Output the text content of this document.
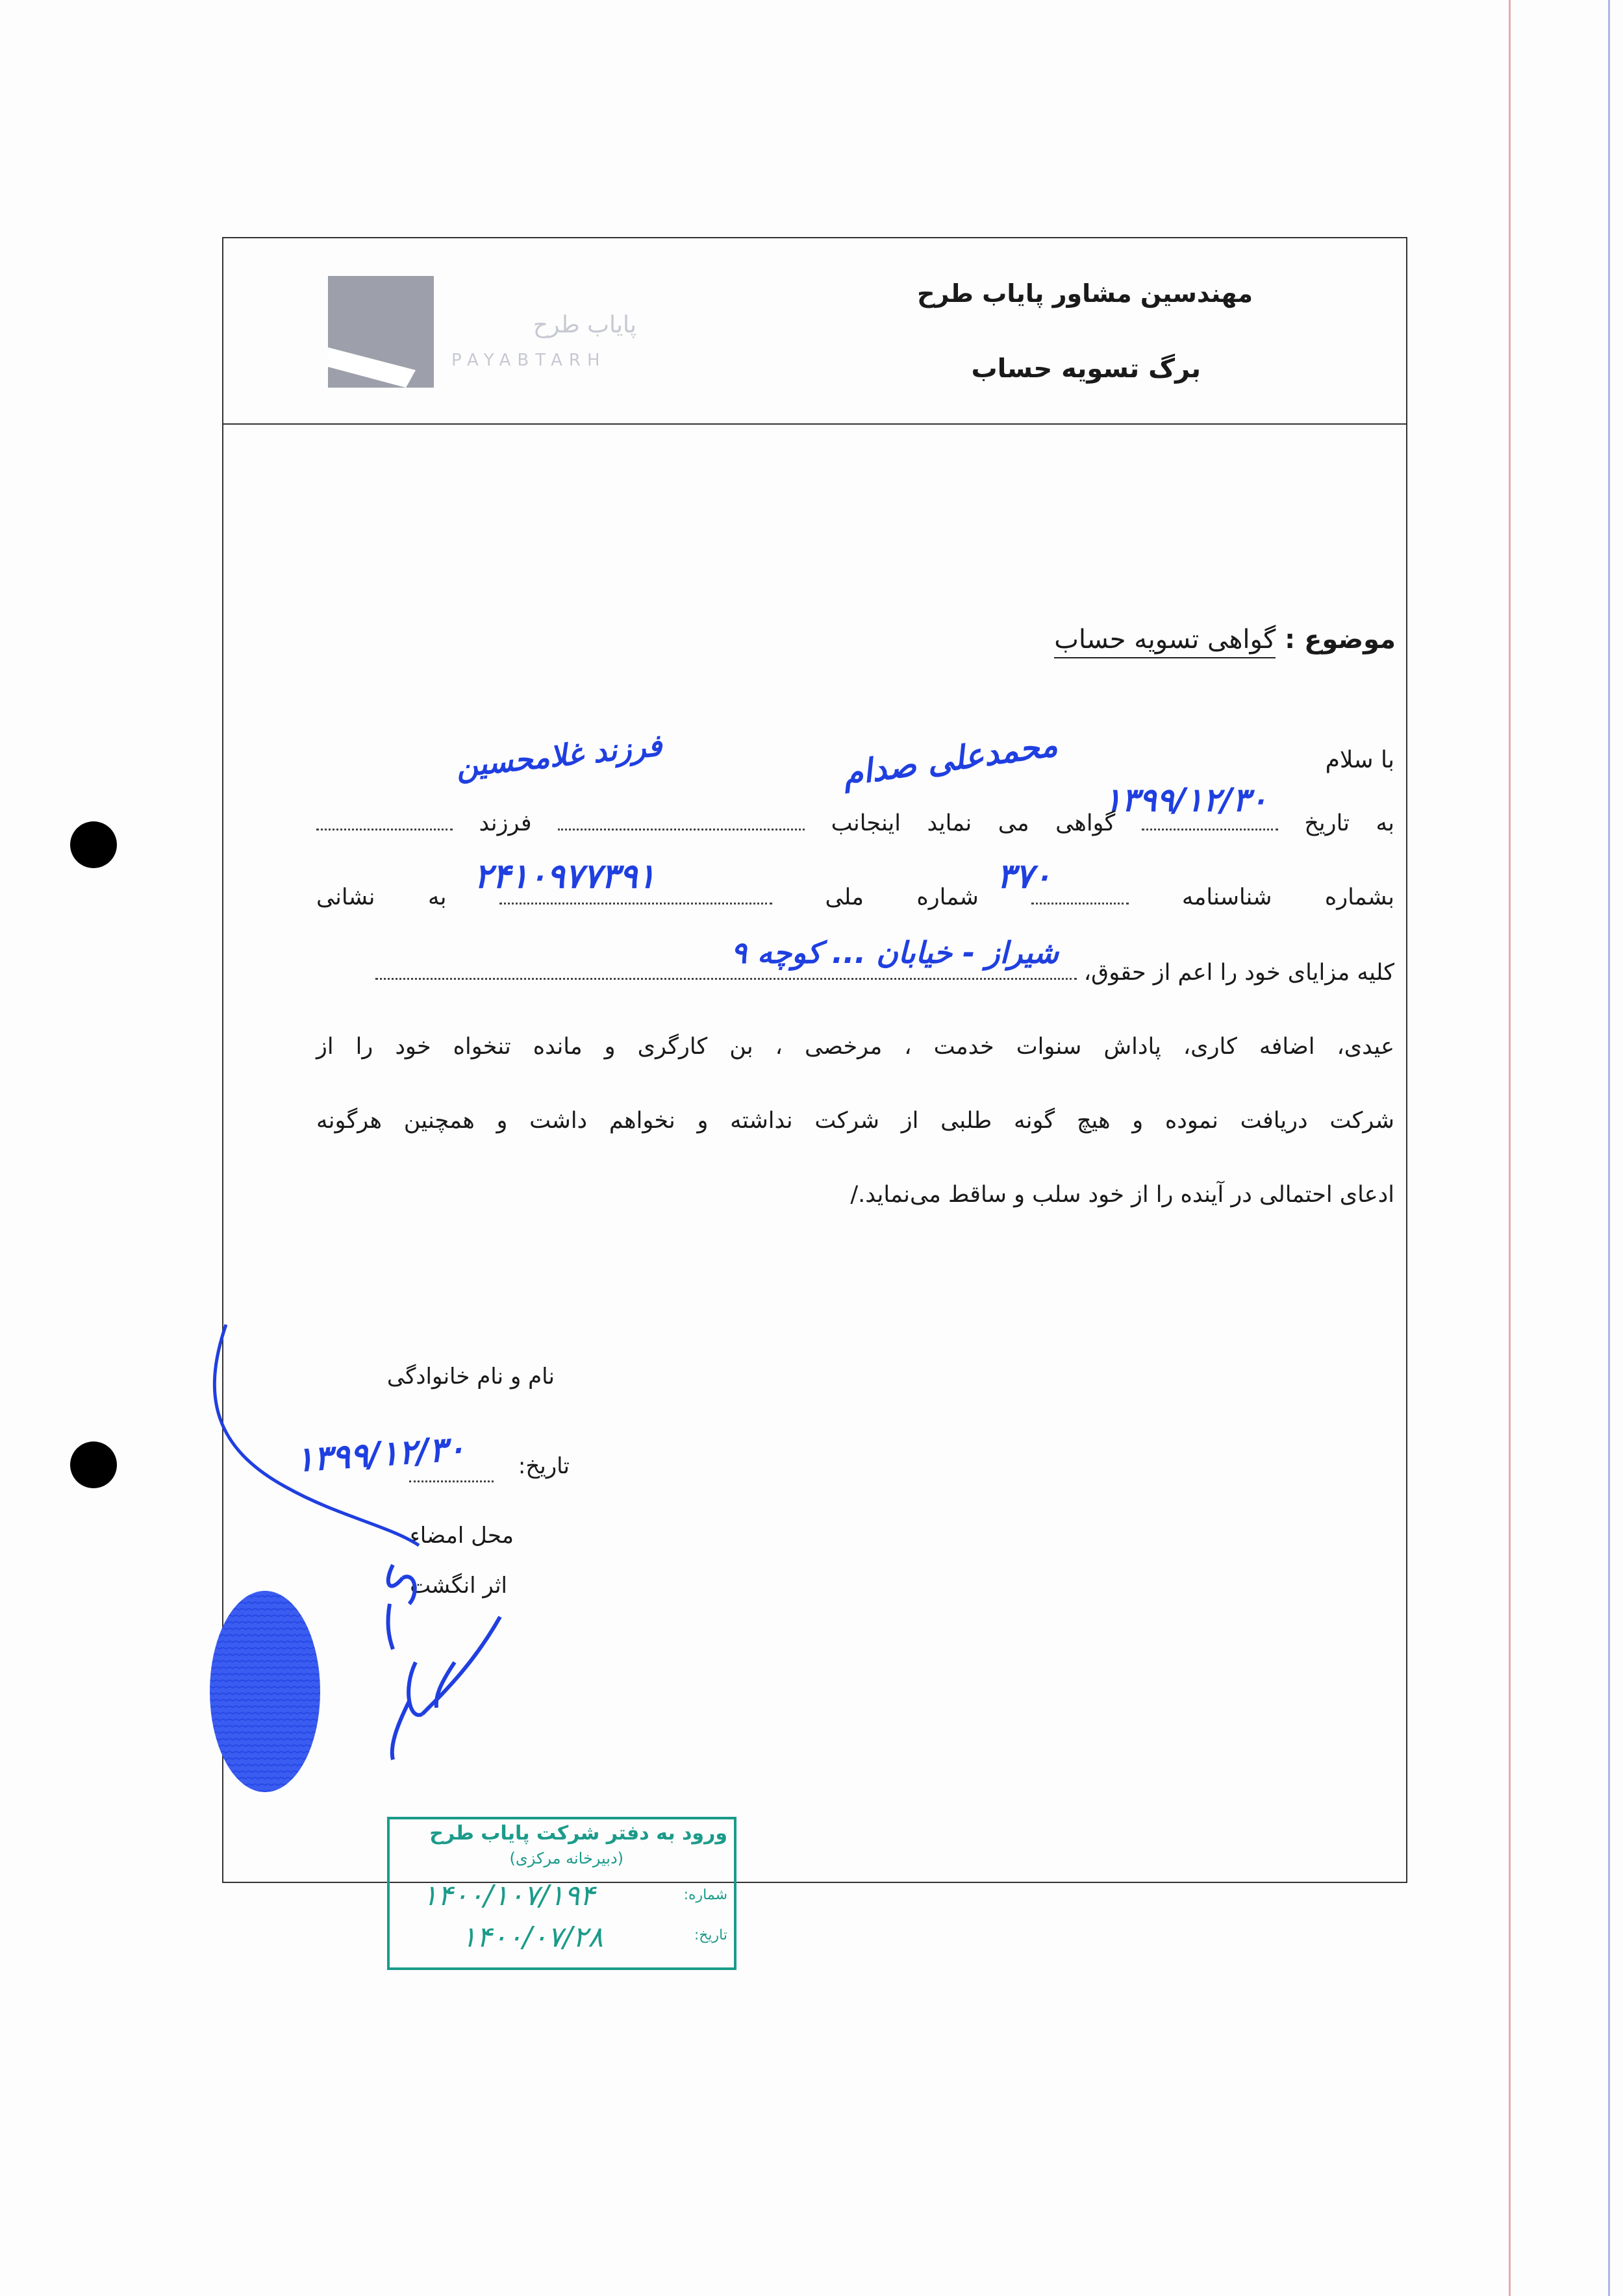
پایاب طرح
PAYABTARH
مهندسین مشاور پایاب طرح
برگ تسویه حساب
موضوع : گواهی تسویه حساب
با سلام
۱۳۹۹/۱۲/۳۰
محمدعلی صدام
فرزند غلامحسین
به تاریخ  گواهی می نماید اینجانب  فرزند
۳۷۰
۲۴۱۰۹۷۷۳۹۱
بشماره شناسنامه  شماره ملی  به نشانی
شیراز - خیابان ... کوچه ۹
کلیه مزایای خود را اعم از حقوق،
عیدی، اضافه کاری، پاداش سنوات خدمت ، مرخصی ، بن کارگری و مانده تنخواه خود را از
شرکت دریافت نموده و هیچ گونه طلبی از شرکت نداشته و نخواهم داشت و همچنین هرگونه
ادعای احتمالی در آینده را از خود سلب و ساقط می‌نماید./
نام و نام خانوادگی
تاریخ:
۱۳۹۹/۱۲/۳۰
محل امضاء
اثر انگشت
ورود به دفتر شرکت پایاب طرح
(دبیرخانه مرکزی)
شماره:
۱۴۰۰/۱۰۷/۱۹۴
تاریخ:
۱۴۰۰/۰۷/۲۸
